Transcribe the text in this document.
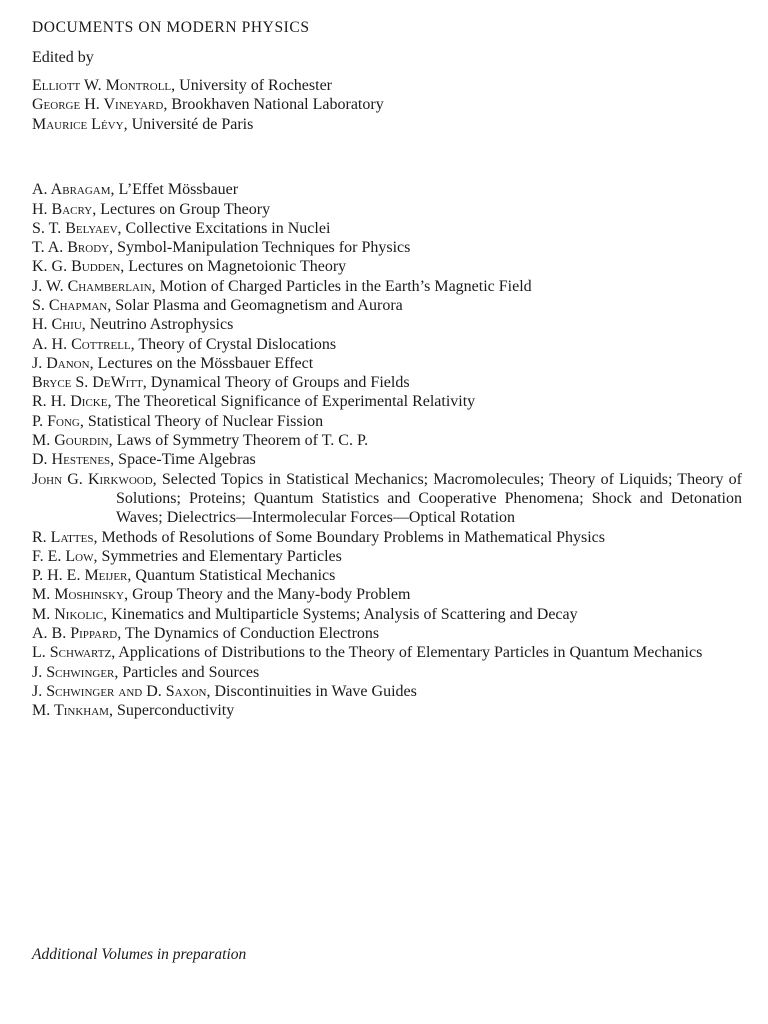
DOCUMENTS ON MODERN PHYSICS
Edited by
Elliott W. Montroll, University of Rochester
George H. Vineyard, Brookhaven National Laboratory
Maurice Lévy, Université de Paris
A. Abragam, L’Effet Mössbauer
H. Bacry, Lectures on Group Theory
S. T. Belyaev, Collective Excitations in Nuclei
T. A. Brody, Symbol-Manipulation Techniques for Physics
K. G. Budden, Lectures on Magnetoionic Theory
J. W. Chamberlain, Motion of Charged Particles in the Earth’s Magnetic Field
S. Chapman, Solar Plasma and Geomagnetism and Aurora
H. Chiu, Neutrino Astrophysics
A. H. Cottrell, Theory of Crystal Dislocations
J. Danon, Lectures on the Mössbauer Effect
Bryce S. DeWitt, Dynamical Theory of Groups and Fields
R. H. Dicke, The Theoretical Significance of Experimental Relativity
P. Fong, Statistical Theory of Nuclear Fission
M. Gourdin, Laws of Symmetry Theorem of T. C. P.
D. Hestenes, Space-Time Algebras
John G. Kirkwood, Selected Topics in Statistical Mechanics; Macromolecules; Theory of Liquids; Theory of Solutions; Proteins; Quantum Statistics and Cooperative Phenomena; Shock and Detonation Waves; Dielectrics—Intermolecular Forces—Optical Rotation
R. Lattes, Methods of Resolutions of Some Boundary Problems in Mathematical Physics
F. E. Low, Symmetries and Elementary Particles
P. H. E. Meijer, Quantum Statistical Mechanics
M. Moshinsky, Group Theory and the Many-body Problem
M. Nikolic, Kinematics and Multiparticle Systems; Analysis of Scattering and Decay
A. B. Pippard, The Dynamics of Conduction Electrons
L. Schwartz, Applications of Distributions to the Theory of Elementary Particles in Quantum Mechanics
J. Schwinger, Particles and Sources
J. Schwinger and D. Saxon, Discontinuities in Wave Guides
M. Tinkham, Superconductivity
Additional Volumes in preparation
